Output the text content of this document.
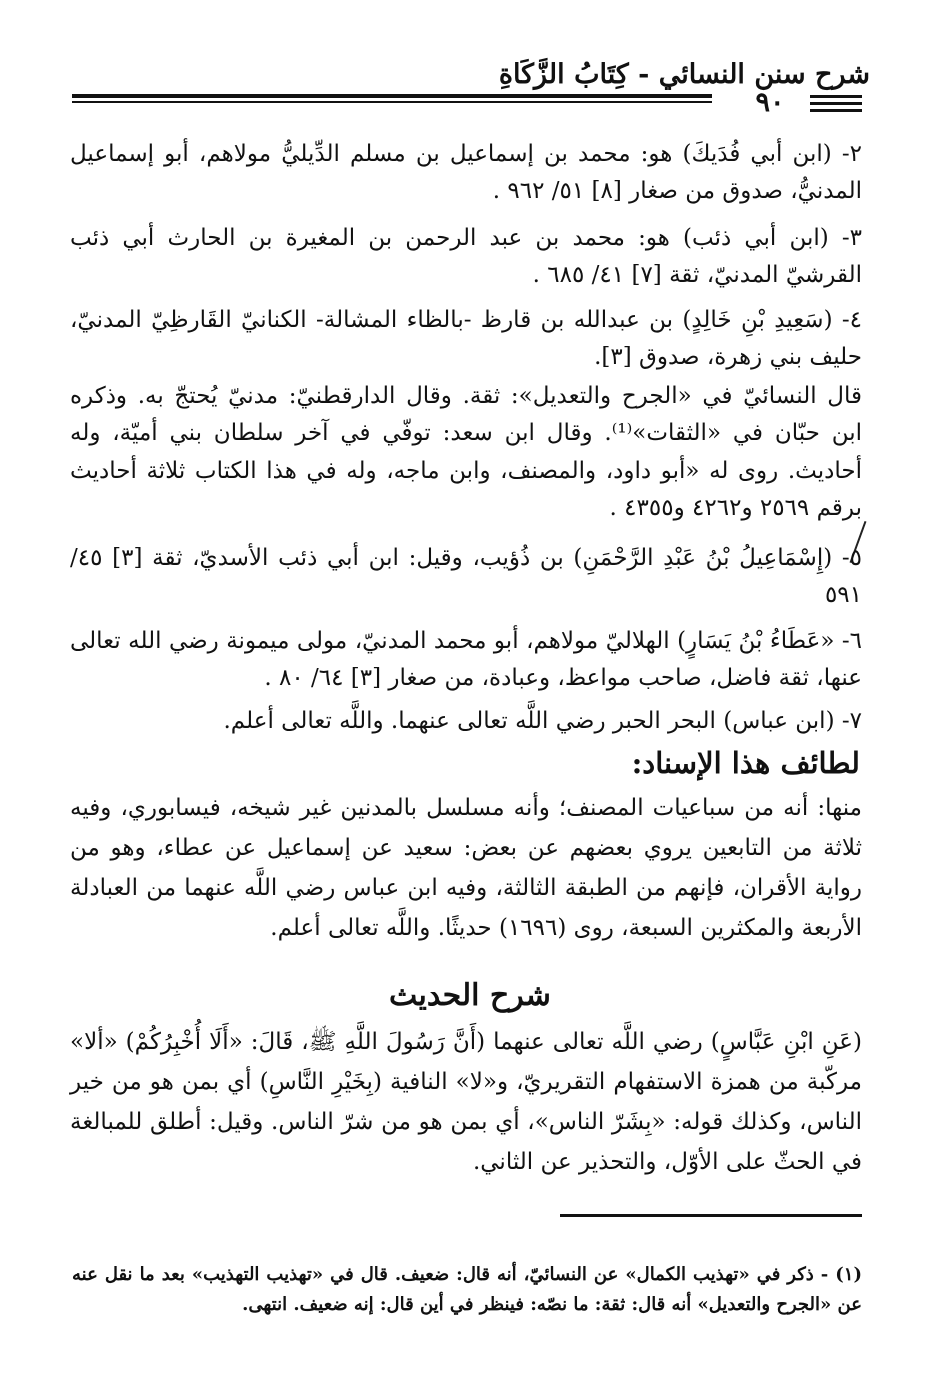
شرح سنن النسائي - كِتَابُ الزَّكَاةِ
٩٠

٢- (ابن أبي فُدَيكَ) هو: محمد بن إسماعيل بن مسلم الدِّيليُّ مولاهم، أبو إسماعيل المدنيُّ، صدوق من صغار [٨] ٥١/ ٩٦٢ .

٣- (ابن أبي ذئب) هو: محمد بن عبد الرحمن بن المغيرة بن الحارث أبي ذئب القرشيّ المدنيّ، ثقة [٧] ٤١/ ٦٨٥ .

٤- (سَعِيدِ بْنِ خَالِدٍ) بن عبدالله بن قارظ -بالظاء المشالة- الكنانيّ القَارظِيّ المدنيّ، حليف بني زهرة، صدوق [٣].

قال النسائيّ في «الجرح والتعديل»: ثقة. وقال الدارقطنيّ: مدنيّ يُحتجّ به. وذكره ابن حبّان في «الثقات»⁽¹⁾. وقال ابن سعد: توفّي في آخر سلطان بني أميّة، وله أحاديث. روى له «أبو داود، والمصنف، وابن ماجه، وله في هذا الكتاب ثلاثة أحاديث برقم ٢٥٦٩ و٤٢٦٢ و٤٣٥٥ .

٥- (إِسْمَاعِيلُ بْنُ عَبْدِ الرَّحْمَنِ) بن ذُؤيب، وقيل: ابن أبي ذئب الأسديّ، ثقة [٣] ٤٥/ ٥٩١

٦- «عَطَاءُ بْنُ يَسَارٍ) الهلاليّ مولاهم، أبو محمد المدنيّ، مولى ميمونة رضي الله تعالى عنها، ثقة فاضل، صاحب مواعظ، وعبادة، من صغار [٣] ٦٤/ ٨٠ .

٧- (ابن عباس) البحر الحبر رضي اللَّه تعالى عنهما. واللَّه تعالى أعلم.

لطائف هذا الإسناد:

منها: أنه من سباعيات المصنف؛ وأنه مسلسل بالمدنين غير شيخه، فيسابوري، وفيه ثلاثة من التابعين يروي بعضهم عن بعض: سعيد عن إسماعيل عن عطاء، وهو من رواية الأقران، فإنهم من الطبقة الثالثة، وفيه ابن عباس رضي اللَّه عنهما من العبادلة الأربعة والمكثرين السبعة، روى (١٦٩٦) حديثًا. واللَّه تعالى أعلم.

شرح الحديث

(عَنِ ابْنِ عَبَّاسٍ) رضي اللَّه تعالى عنهما (أَنَّ رَسُولَ اللَّهِ ﷺ، قَالَ: «أَلَا أُخْبِرُكُمْ) «ألا» مركّبة من همزة الاستفهام التقريريّ، و«لا» النافية (بِخَيْرِ النَّاسِ) أي بمن هو من خير الناس، وكذلك قوله: «بِشَرّ الناس»، أي بمن هو من شرّ الناس. وقيل: أطلق للمبالغة في الحثّ على الأوّل، والتحذير عن الثاني.

(١) - ذكر في «تهذيب الكمال» عن النسائيّ، أنه قال: ضعيف. قال في «تهذيب التهذيب» بعد ما نقل عنه عن «الجرح والتعديل» أنه قال: ثقة: ما نصّه: فينظر في أين قال: إنه ضعيف. انتهى.
